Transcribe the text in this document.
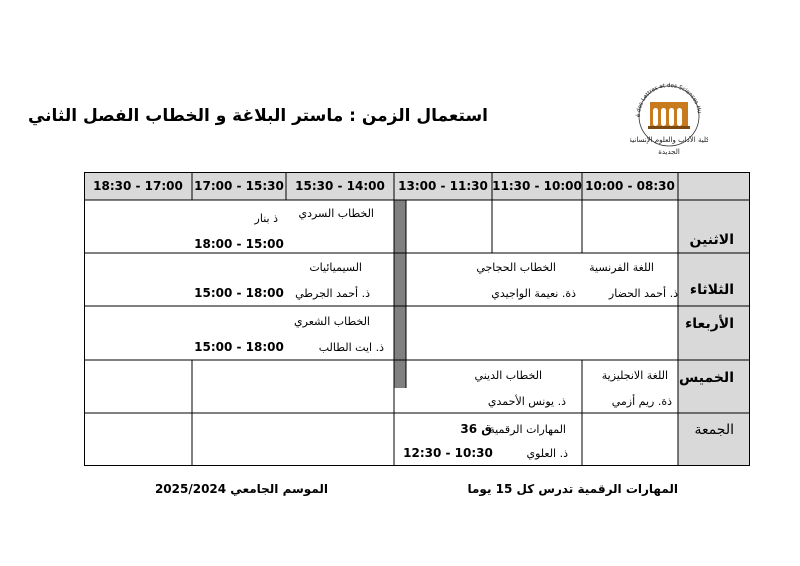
é des Lettres et des Sciences Hu
كلية الآداب والعلوم الإنسانية
الجديدة
استعمال الزمن : ماستر البلاغة و الخطاب الفصل الثاني
18:30 - 17:00 17:00 - 15:30 15:30 - 14:00	13:00 - 11:30 11:30 - 10:00 10:00 - 08:30
الاثنين
الثلاثاء
الأربعاء
الخميس
الجمعة
الخطاب السردي
ذ بنار
18:00 - 15:00
السيميائيات
ذ. أحمد الجرطي
15:00 - 18:00
الخطاب الحجاجي
ذة. نعيمة الواجيدي
اللغة الفرنسية
ذ. أحمد الحضار
الخطاب الشعري
ذ. ايت الطالب
15:00 - 18:00
الخطاب الديني
ذ. يونس الأحمدي
اللغة الانجليزية
ذة. ريم أزمي
المهارات الرقمية
ق 36
ذ. العلوي
12:30 - 10:30
المهارات الرقمية تدرس كل 15 يوما
الموسم الجامعي 2025/2024
